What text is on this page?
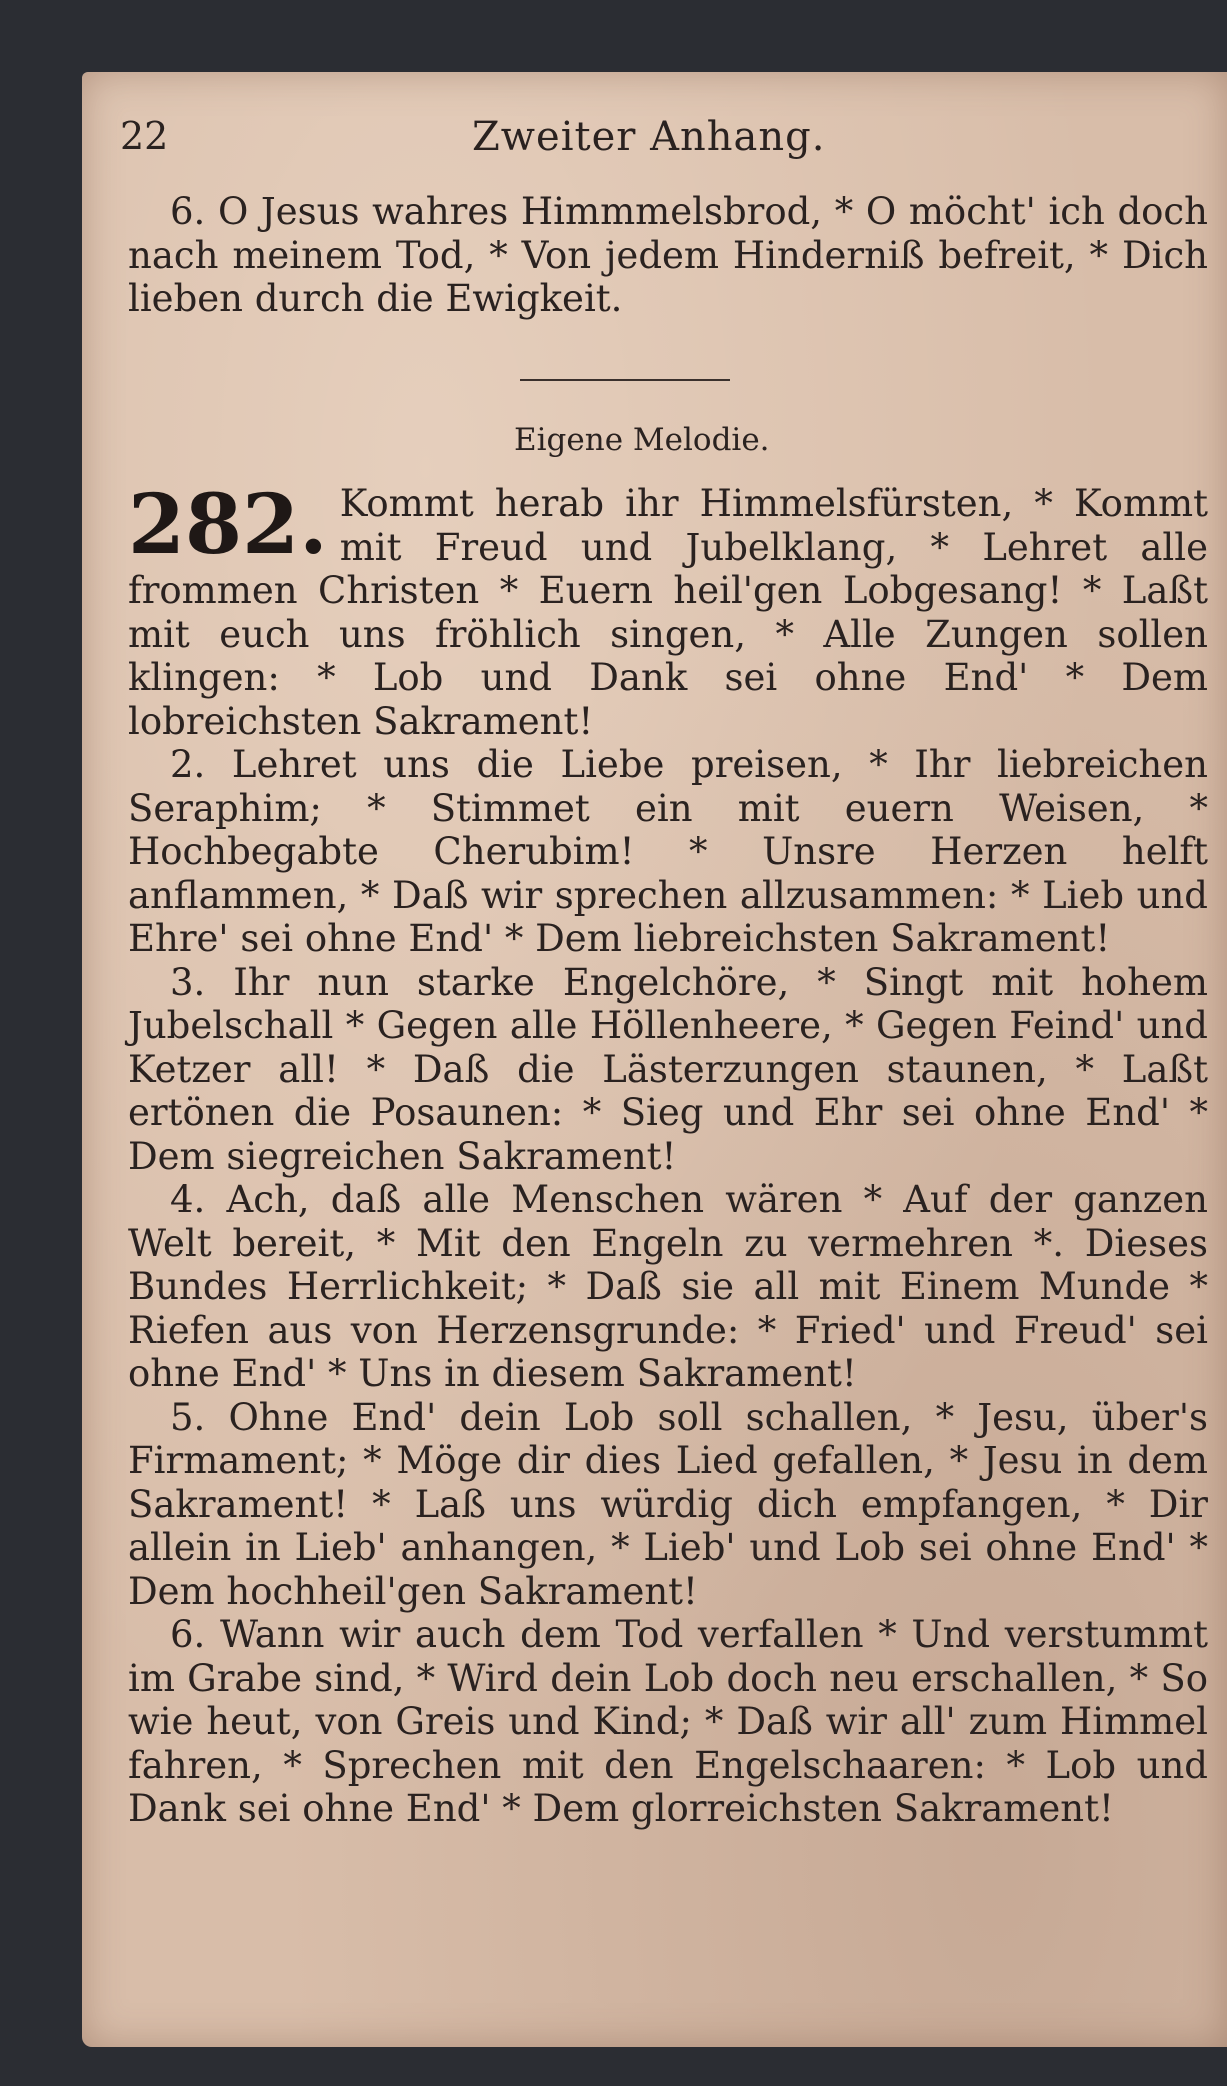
22	Zweiter Anhang.
6. O Jesus wahres Himmmelsbrod, * O möcht' ich doch nach meinem Tod, * Von jedem Hinderniß befreit, * Dich lieben durch die Ewigkeit.
Eigene Melodie.
282. Kommt herab ihr Himmelsfürsten, * Kommt mit Freud und Jubelklang, * Lehret alle frommen Christen * Euern heil'gen Lobgesang! * Laßt mit euch uns fröhlich singen, * Alle Zungen sollen klingen: * Lob und Dank sei ohne End' * Dem lobreichsten Sakrament!
2. Lehret uns die Liebe preisen, * Ihr liebreichen Seraphim; * Stimmet ein mit euern Weisen, * Hochbegabte Cherubim! * Unsre Herzen helft anflammen, * Daß wir sprechen allzusammen: * Lieb und Ehre' sei ohne End' * Dem liebreichsten Sakrament!
3. Ihr nun starke Engelchöre, * Singt mit hohem Jubelschall * Gegen alle Höllenheere, * Gegen Feind' und Ketzer all! * Daß die Lästerzungen staunen, * Laßt ertönen die Posaunen: * Sieg und Ehr sei ohne End' * Dem siegreichen Sakrament!
4. Ach, daß alle Menschen wären * Auf der ganzen Welt bereit, * Mit den Engeln zu vermehren *. Dieses Bundes Herrlichkeit; * Daß sie all mit Einem Munde * Riefen aus von Herzensgrunde: * Fried' und Freud' sei ohne End' * Uns in diesem Sakrament!
5. Ohne End' dein Lob soll schallen, * Jesu, über's Firmament; * Möge dir dies Lied gefallen, * Jesu in dem Sakrament! * Laß uns würdig dich empfangen, * Dir allein in Lieb' anhangen, * Lieb' und Lob sei ohne End' * Dem hochheil'gen Sakrament!
6. Wann wir auch dem Tod verfallen * Und verstummt im Grabe sind, * Wird dein Lob doch neu erschallen, * So wie heut, von Greis und Kind; * Daß wir all' zum Himmel fahren, * Sprechen mit den Engelschaaren: * Lob und Dank sei ohne End' * Dem glorreichsten Sakrament!
